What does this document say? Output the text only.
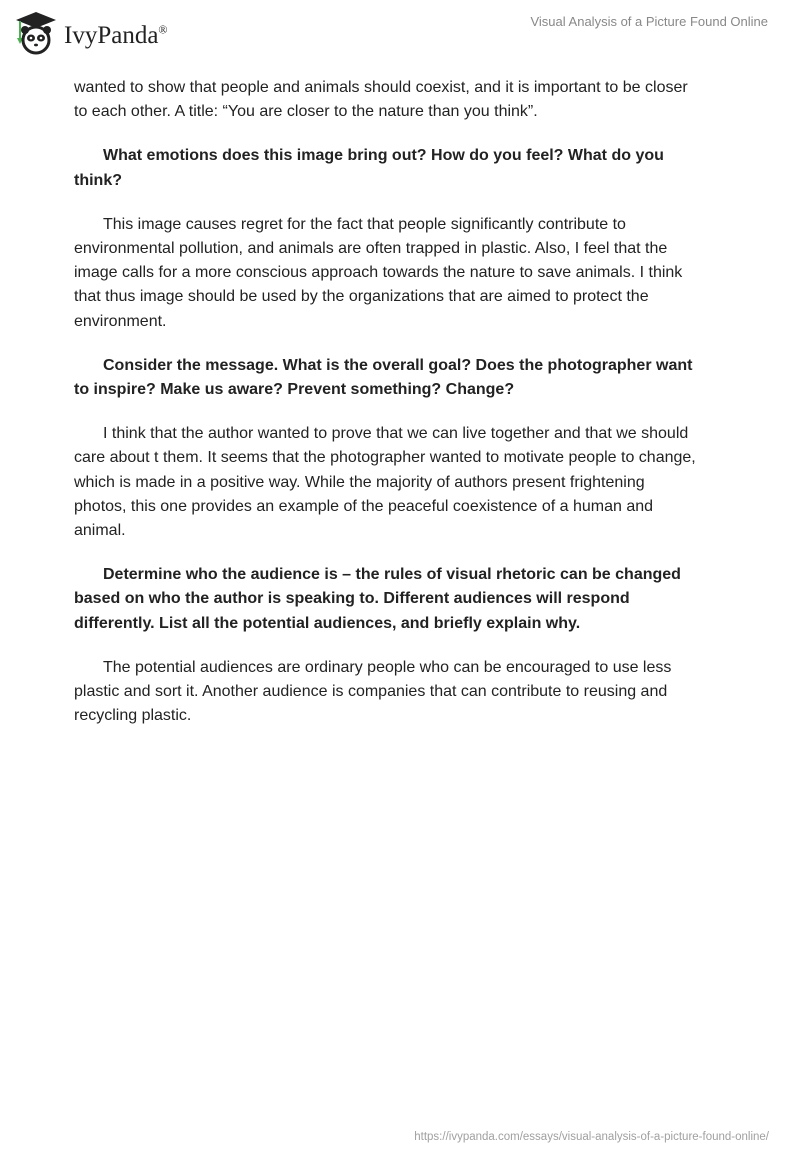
IvyPanda®
Visual Analysis of a Picture Found Online

wanted to show that people and animals should coexist, and it is important to be closer
to each other. A title: “You are closer to the nature than you think”.

What emotions does this image bring out? How do you feel? What do you
think?

This image causes regret for the fact that people significantly contribute to
environmental pollution, and animals are often trapped in plastic. Also, I feel that the
image calls for a more conscious approach towards the nature to save animals. I think
that thus image should be used by the organizations that are aimed to protect the
environment.

Consider the message. What is the overall goal? Does the photographer want
to inspire? Make us aware? Prevent something? Change?

I think that the author wanted to prove that we can live together and that we should
care about t them. It seems that the photographer wanted to motivate people to change,
which is made in a positive way. While the majority of authors present frightening
photos, this one provides an example of the peaceful coexistence of a human and
animal.

Determine who the audience is – the rules of visual rhetoric can be changed
based on who the author is speaking to. Different audiences will respond
differently. List all the potential audiences, and briefly explain why.

The potential audiences are ordinary people who can be encouraged to use less
plastic and sort it. Another audience is companies that can contribute to reusing and
recycling plastic.

https://ivypanda.com/essays/visual-analysis-of-a-picture-found-online/
